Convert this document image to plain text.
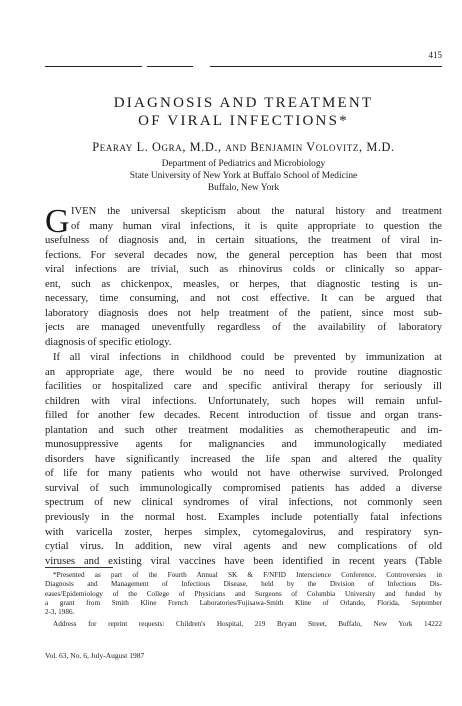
415
DIAGNOSIS AND TREATMENT
OF VIRAL INFECTIONS*
Pearay L. Ogra, M.D., and Benjamin Volovitz, M.D.
Department of Pediatrics and Microbiology
State University of New York at Buffalo School of Medicine
Buffalo, New York
G IVEN the universal skepticism about the natural history and treatment
of many human viral infections, it is quite appropriate to question the
usefulness of diagnosis and, in certain situations, the treatment of viral in-
fections. For several decades now, the general perception has been that most
viral infections are trivial, such as rhinovirus colds or clinically so appar-
ent, such as chickenpox, measles, or herpes, that diagnostic testing is un-
necessary, time consuming, and not cost effective. It can be argued that
laboratory diagnosis does not help treatment of the patient, since most sub-
jects are managed uneventfully regardless of the availability of laboratory
diagnosis of specific etiology.
If all viral infections in childhood could be prevented by immunization at
an appropriate age, there would be no need to provide routine diagnostic
facilities or hospitalized care and specific antiviral therapy for seriously ill
children with viral infections. Unfortunately, such hopes will remain unful-
filled for another few decades. Recent introduction of tissue and organ trans-
plantation and such other treatment modalities as chemotherapeutic and im-
munosuppressive agents for malignancies and immunologically mediated
disorders have significantly increased the life span and altered the quality
of life for many patients who would not have otherwise survived. Prolonged
survival of such immunologically compromised patients has added a diverse
spectrum of new clinical syndromes of viral infections, not commonly seen
previously in the normal host. Examples include potentially fatal infections
with varicella zoster, herpes simplex, cytomegalovirus, and respiratory syn-
cytial virus. In addition, new viral agents and new complications of old
viruses and existing viral vaccines have been identified in recent years (Table
*Presented as part of the Fourth Annual SK & F/NFID Interscience Conference, Controversies in
Diagnosis and Management of Infectious Disease, held by the Division of Infectious Dis-
eases/Epidemiology of the College of Physicians and Surgeons of Columbia University and funded by
a grant from Smith Kline French Laboratories/Fujisawa-Smith Kline of Orlando, Florida, September
2-3, 1986.
Address for reprint requests: Children's Hospital, 219 Bryant Street, Buffalo, New York 14222
Vol. 63, No. 6, July-August 1987
